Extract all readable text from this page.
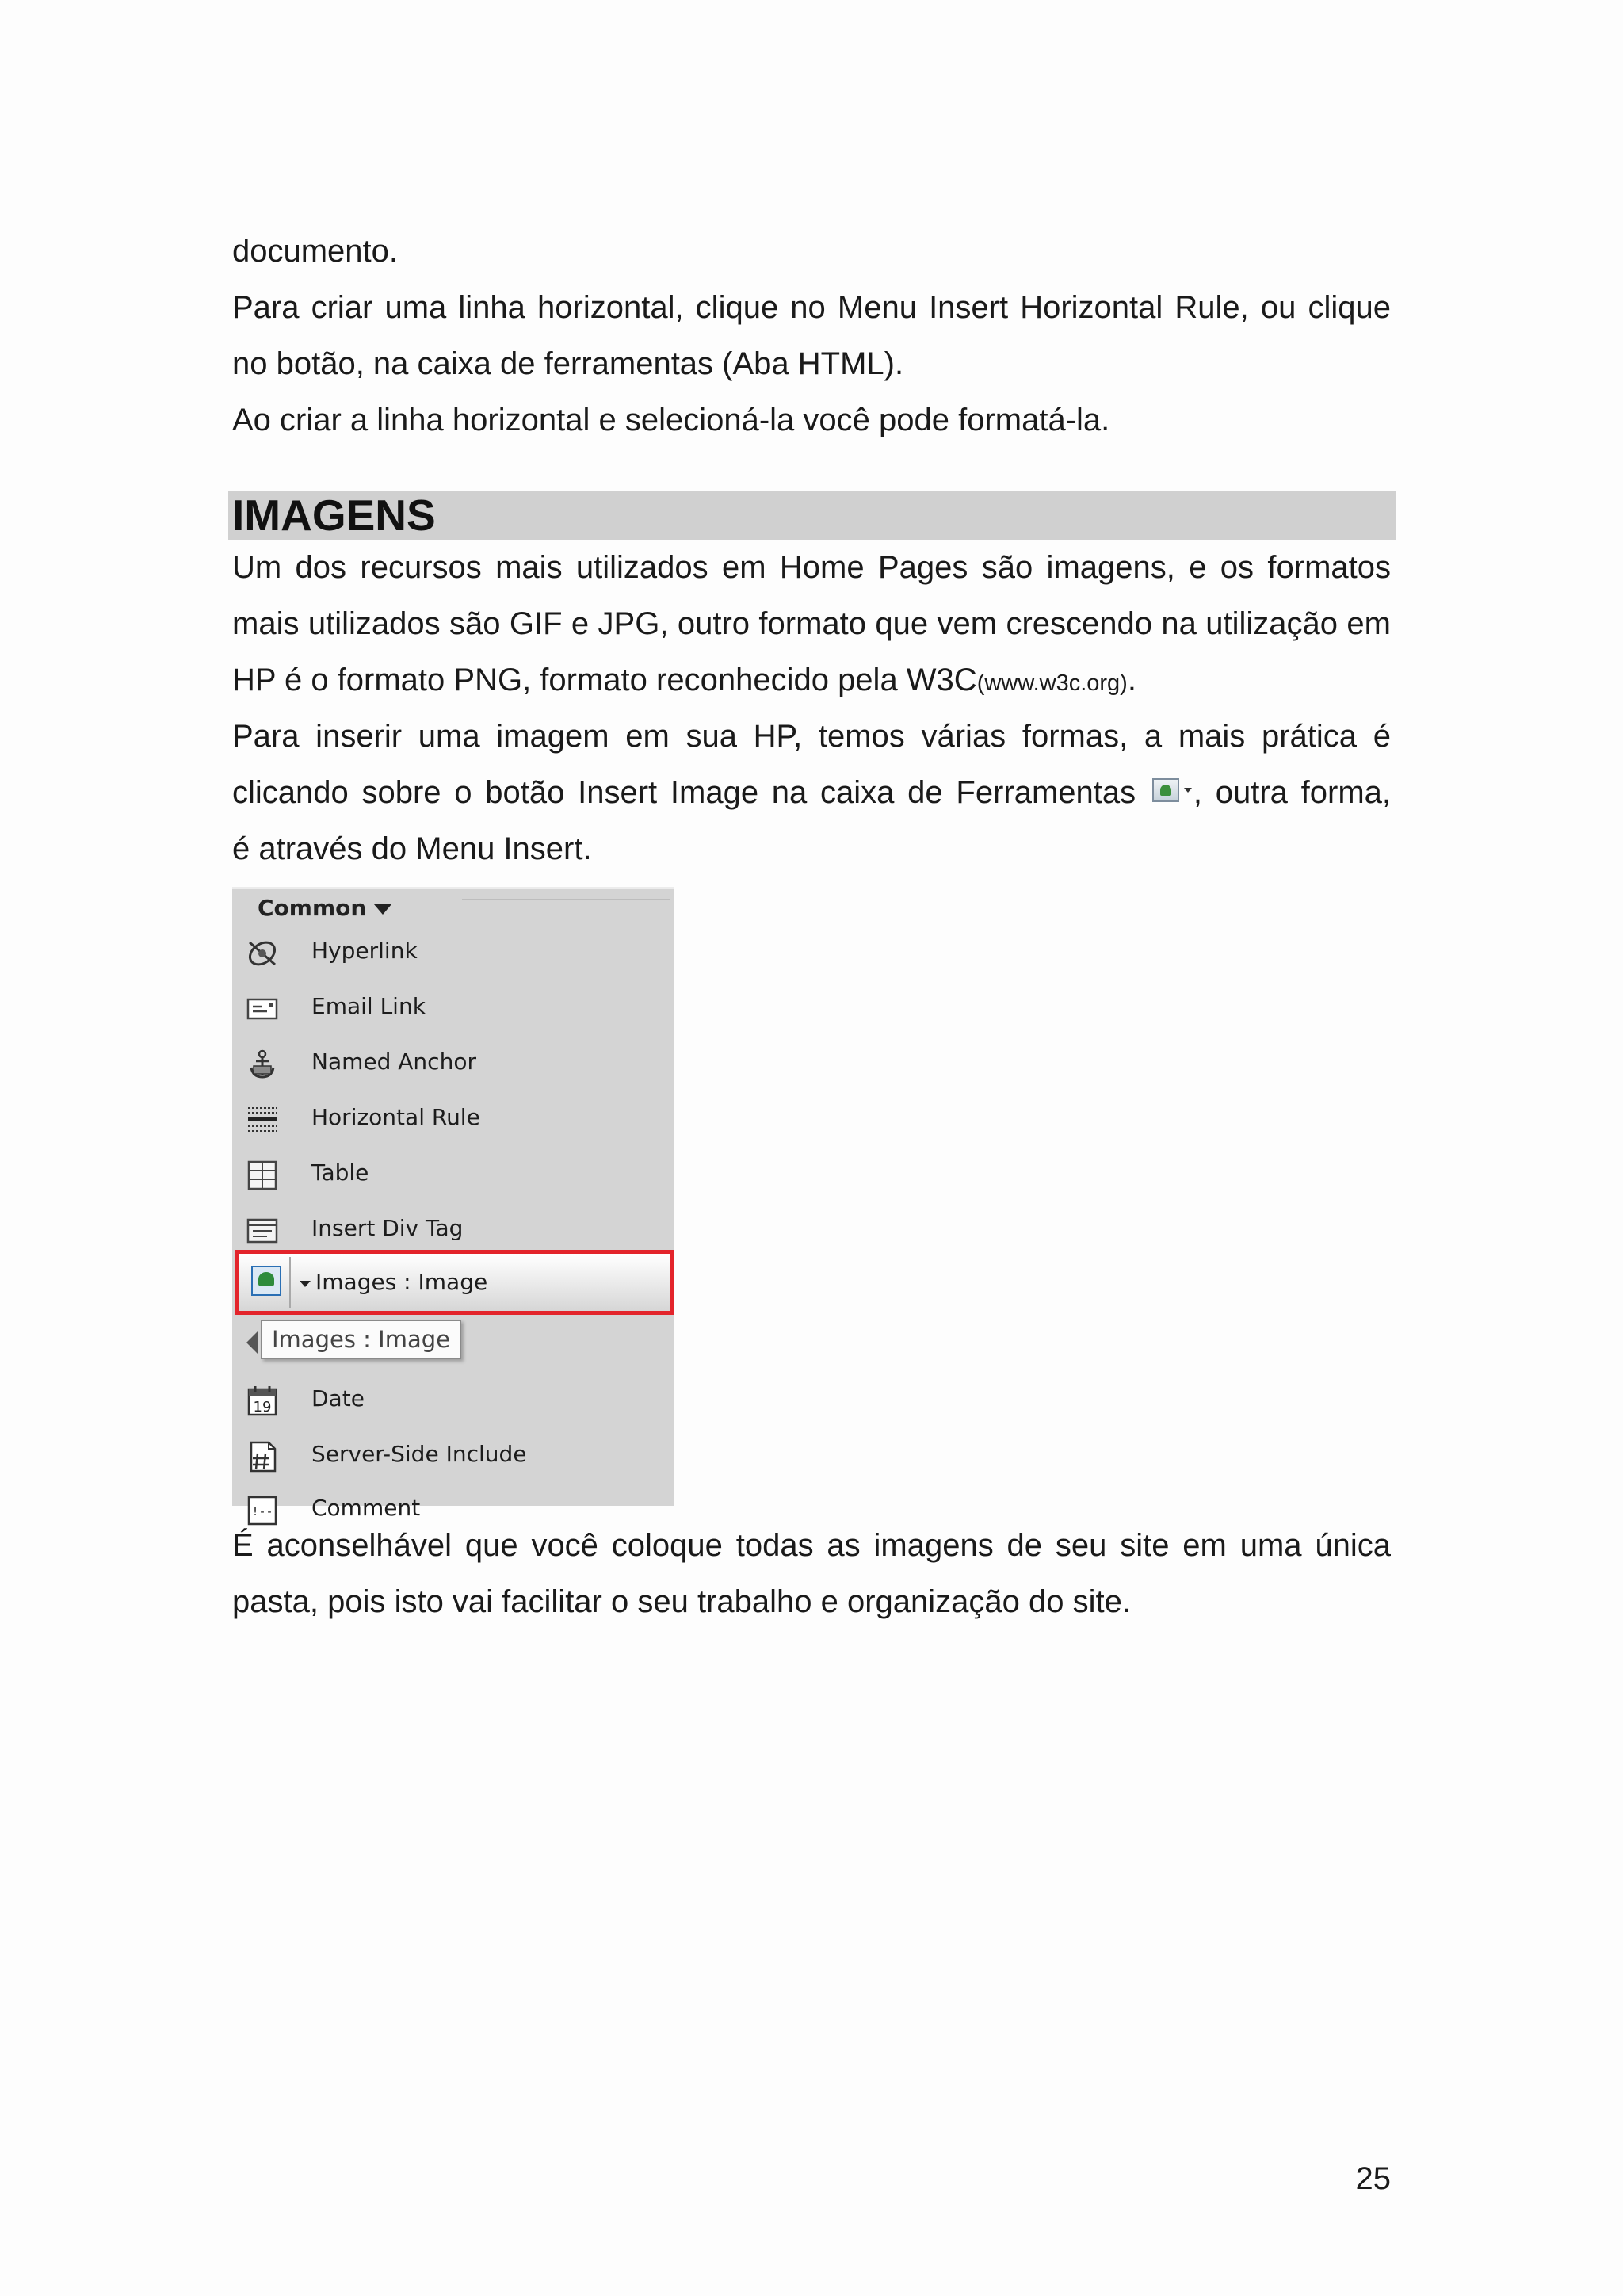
documento.

Para criar uma linha horizontal, clique no Menu Insert Horizontal Rule, ou clique

no botão, na caixa de ferramentas (Aba HTML).

Ao criar a linha horizontal e selecioná-la você pode formatá-la.

IMAGENS

Um dos recursos mais utilizados em Home Pages são imagens, e os formatos mais utilizados são GIF e JPG, outro formato que vem crescendo na utilização em HP é o formato PNG, formato reconhecido pela W3C(www.w3c.org).

Para inserir uma imagem em sua HP, temos várias formas, a mais prática é

clicando sobre o botão Insert Image na caixa de Ferramentas , outra forma,

é através do Menu Insert.

Common
Hyperlink
Email Link
Named Anchor
Horizontal Rule
Table
Insert Div Tag
Images : Image
Images : Image
19 Date
Server-Side Include
!-- Comment

É aconselhável que você coloque todas as imagens de seu site em uma única pasta, pois isto vai facilitar o seu trabalho e organização do site.

25
